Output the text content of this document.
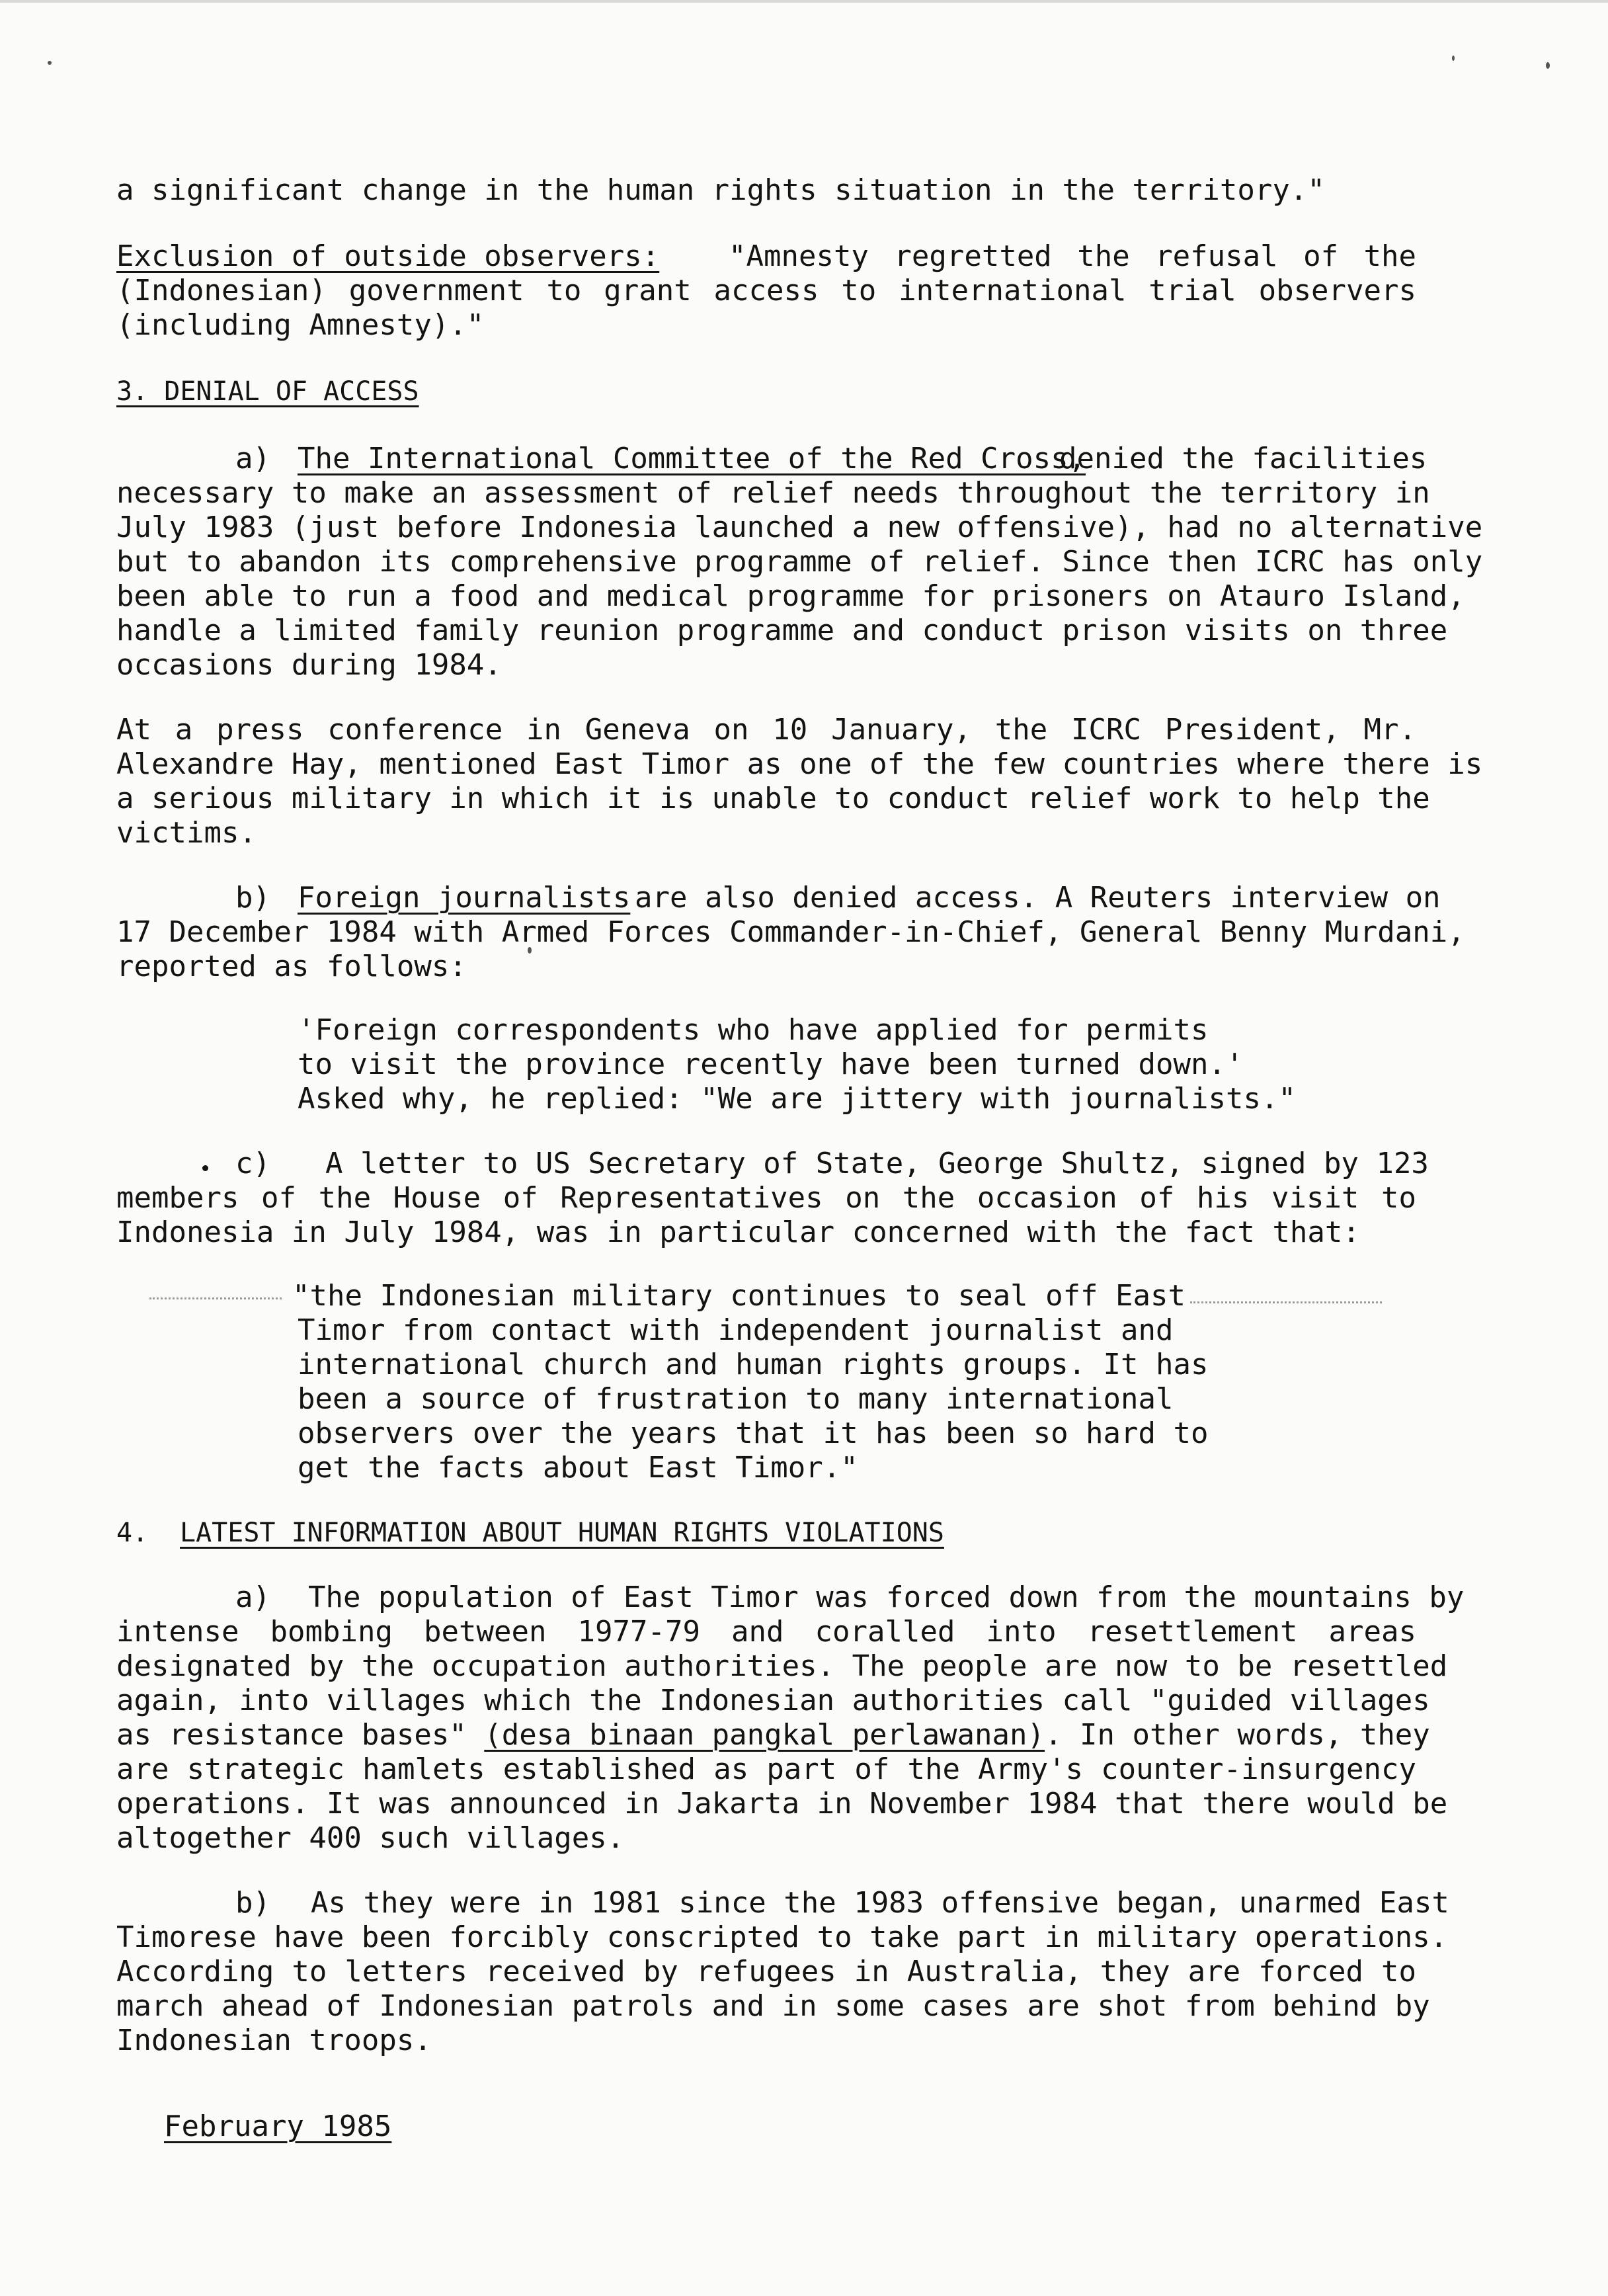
a significant change in the human rights situation in the territory."
Exclusion of outside observers: "Amnesty regretted the refusal of the
(Indonesian) government to grant access to international trial observers
(including Amnesty)."
3. DENIAL OF ACCESS
a) The International Committee of the Red Cross,
denied the facilities
necessary to make an assessment of relief needs throughout the territory in
July 1983 (just before Indonesia launched a new offensive), had no alternative
but to abandon its comprehensive programme of relief. Since then ICRC has only
been able to run a food and medical programme for prisoners on Atauro Island,
handle a limited family reunion programme and conduct prison visits on three
occasions during 1984.
At a press conference in Geneva on 10 January, the ICRC President, Mr.
Alexandre Hay, mentioned East Timor as one of the few countries where there is
a serious military in which it is unable to conduct relief work to help the
victims.
b) Foreign journalists are also denied access. A Reuters interview on
17 December 1984 with Armed Forces Commander-in-Chief, General Benny Murdani,
reported as follows:
'Foreign correspondents who have applied for permits
to visit the province recently have been turned down.'
Asked why, he replied: "We are jittery with journalists."
c) A letter to US Secretary of State, George Shultz, signed by 123
members of the House of Representatives on the occasion of his visit to
Indonesia in July 1984, was in particular concerned with the fact that:
"the Indonesian military continues to seal off East
Timor from contact with independent journalist and
international church and human rights groups. It has
been a source of frustration to many international
observers over the years that it has been so hard to
get the facts about East Timor."
4. LATEST INFORMATION ABOUT HUMAN RIGHTS VIOLATIONS
a) The population of East Timor was forced down from the mountains by
intense bombing between 1977-79 and coralled into resettlement areas
designated by the occupation authorities. The people are now to be resettled
again, into villages which the Indonesian authorities call "guided villages
as resistance bases" (desa binaan pangkal perlawanan). In other words, they
are strategic hamlets established as part of the Army's counter-insurgency
operations. It was announced in Jakarta in November 1984 that there would be
altogether 400 such villages.
b) As they were in 1981 since the 1983 offensive began, unarmed East
Timorese have been forcibly conscripted to take part in military operations.
According to letters received by refugees in Australia, they are forced to
march ahead of Indonesian patrols and in some cases are shot from behind by
Indonesian troops.
February 1985
